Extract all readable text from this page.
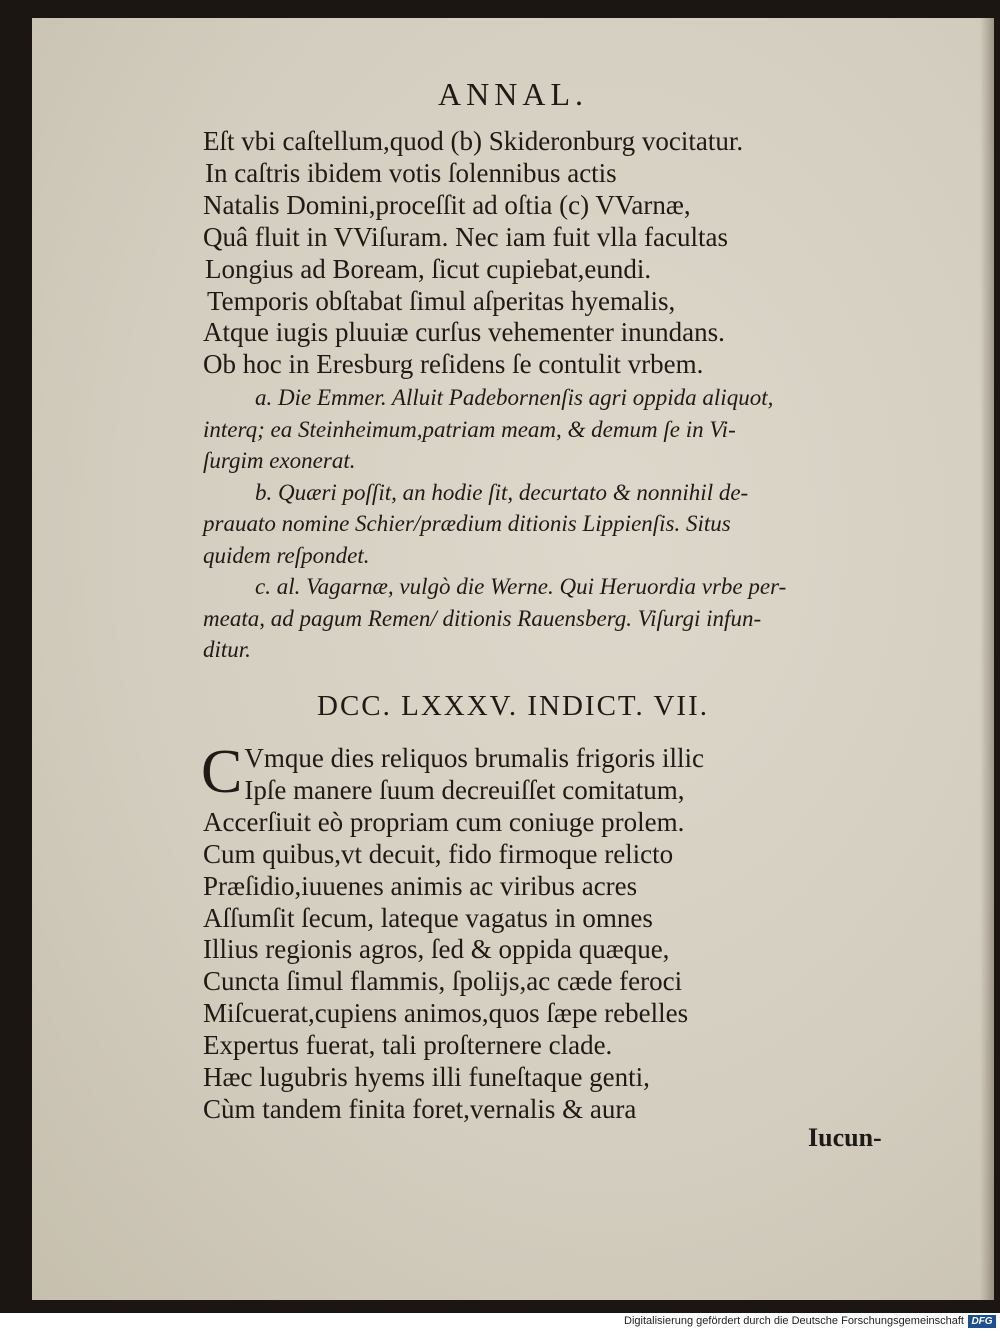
ANNAL.
Eſt vbi caſtellum,quod (b) Skideronburg vocitatur.
In caſtris ibidem votis ſolennibus actis
Natalis Domini,proceſſit ad oſtia (c) VVarnæ,
Quâ fluit in VViſuram. Nec iam fuit vlla facultas
Longius ad Boream, ſicut cupiebat,eundi.
Temporis obſtabat ſimul aſperitas hyemalis,
Atque iugis pluuiæ curſus vehementer inundans.
Ob hoc in Eresburg reſidens ſe contulit vrbem.
a. Die Emmer. Alluit Padebornenſis agri oppida aliquot,
interq; ea Steinheimum,patriam meam, & demum ſe in Vi-
ſurgim exonerat.
b. Quæri poſſit, an hodie ſit, decurtato & nonnihil de-
prauato nomine Schier/prædium ditionis Lippienſis. Situs
quidem reſpondet.
c. al. Vagarnæ, vulgò die Werne. Qui Heruordia vrbe per-
meata, ad pagum Remen/ ditionis Rauensberg. Viſurgi infun-
ditur.
DCC. LXXXV. INDICT. VII.
C Vmque dies reliquos brumalis frigoris illic
Ipſe manere ſuum decreuiſſet comitatum,
Accerſiuit eò propriam cum coniuge prolem.
Cum quibus,vt decuit, fido firmoque relicto
Præſidio,iuuenes animis ac viribus acres
Aſſumſit ſecum, lateque vagatus in omnes
Illius regionis agros, ſed & oppida quæque,
Cuncta ſimul flammis, ſpolijs,ac cæde feroci
Miſcuerat,cupiens animos,quos ſæpe rebelles
Expertus fuerat, tali proſternere clade.
Hæc lugubris hyems illi funeſtaque genti,
Cùm tandem finita foret,vernalis & aura
Iucun-
Digitalisierung gefördert durch die Deutsche Forschungsgemeinschaft DFG
